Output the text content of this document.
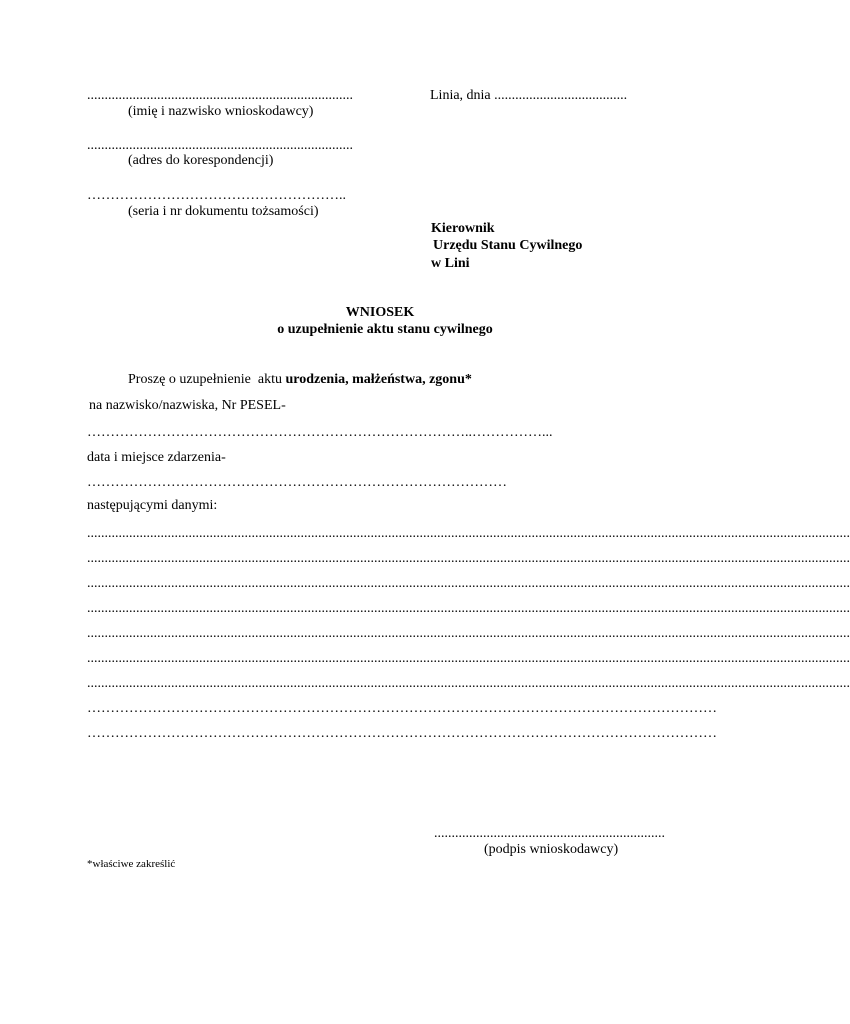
............................................................................
(imię i nazwisko wnioskodawcy)
Linia, dnia ......................................
............................................................................
(adres do korespondencji)
………………………………………………..
(seria i nr dokumentu tożsamości)
Kierownik
Urzędu Stanu Cywilnego
w Lini
WNIOSEK
o uzupełnienie aktu stanu cywilnego
Proszę o uzupełnienie  aktu urodzenia, małżeństwa, zgonu*
na nazwisko/nazwiska, Nr PESEL-
………………………………………………………………………..……………...
data i miejsce zdarzenia-
………………………………………………………………………………
następującymi danymi:
..........................................................................................................................................................................................................................
..........................................................................................................................................................................................................................
..........................................................................................................................................................................................................................
..........................................................................................................................................................................................................................
..........................................................................................................................................................................................................................
..........................................................................................................................................................................................................................
..........................................................................................................................................................................................................................
………………………………………………………………………………………………………………………
………………………………………………………………………………………………………………………
..................................................................
(podpis wnioskodawcy)
*właściwe zakreślić
